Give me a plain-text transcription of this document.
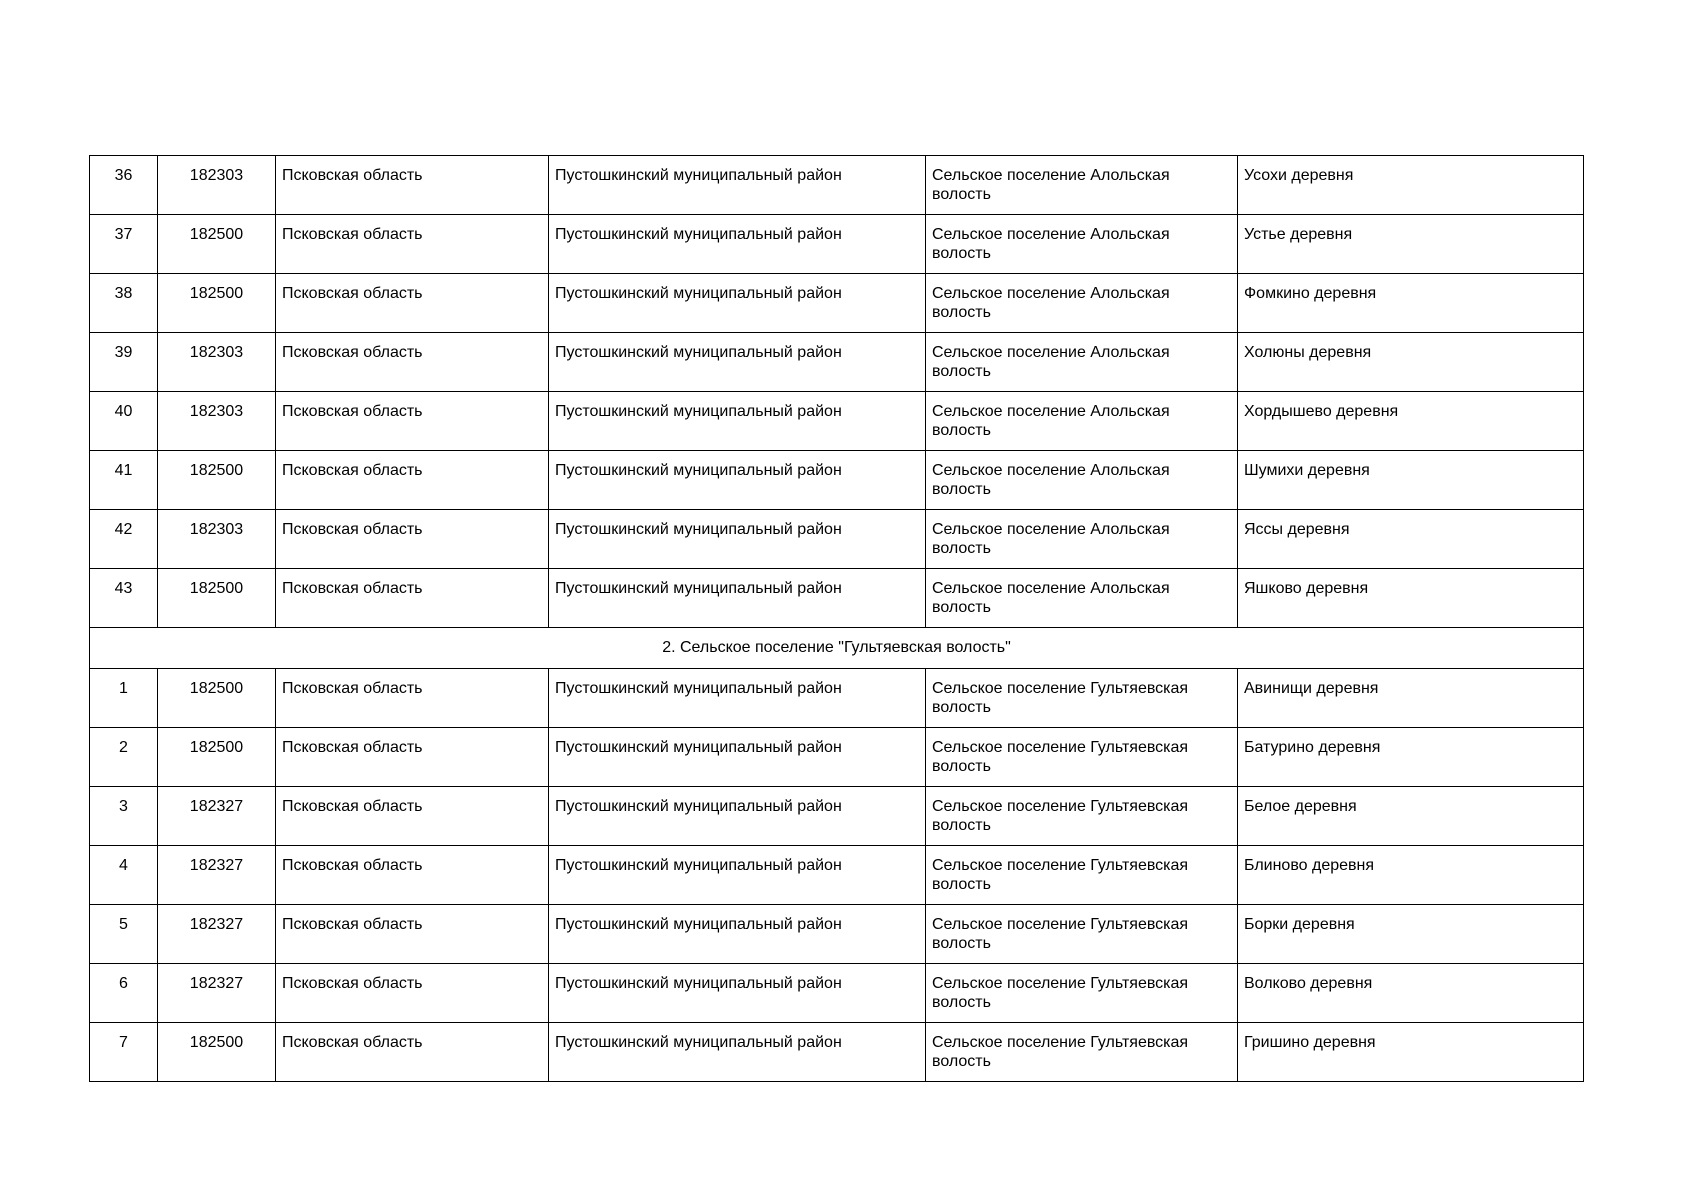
36	182303	Псковская область	Пустошкинский муниципальный район	Сельское поселение Алольская волость	Усохи деревня
37	182500	Псковская область	Пустошкинский муниципальный район	Сельское поселение Алольская волость	Устье деревня
38	182500	Псковская область	Пустошкинский муниципальный район	Сельское поселение Алольская волость	Фомкино деревня
39	182303	Псковская область	Пустошкинский муниципальный район	Сельское поселение Алольская волость	Холюны деревня
40	182303	Псковская область	Пустошкинский муниципальный район	Сельское поселение Алольская волость	Хордышево деревня
41	182500	Псковская область	Пустошкинский муниципальный район	Сельское поселение Алольская волость	Шумихи деревня
42	182303	Псковская область	Пустошкинский муниципальный район	Сельское поселение Алольская волость	Яссы деревня
43	182500	Псковская область	Пустошкинский муниципальный район	Сельское поселение Алольская волость	Яшково деревня
2. Сельское поселение "Гультяевская волость"					
1	182500	Псковская область	Пустошкинский муниципальный район	Сельское поселение Гультяевская волость	Авинищи деревня
2	182500	Псковская область	Пустошкинский муниципальный район	Сельское поселение Гультяевская волость	Батурино деревня
3	182327	Псковская область	Пустошкинский муниципальный район	Сельское поселение Гультяевская волость	Белое деревня
4	182327	Псковская область	Пустошкинский муниципальный район	Сельское поселение Гультяевская волость	Блиново деревня
5	182327	Псковская область	Пустошкинский муниципальный район	Сельское поселение Гультяевская волость	Борки деревня
6	182327	Псковская область	Пустошкинский муниципальный район	Сельское поселение Гультяевская волость	Волково деревня
7	182500	Псковская область	Пустошкинский муниципальный район	Сельское поселение Гультяевская волость	Гришино деревня
